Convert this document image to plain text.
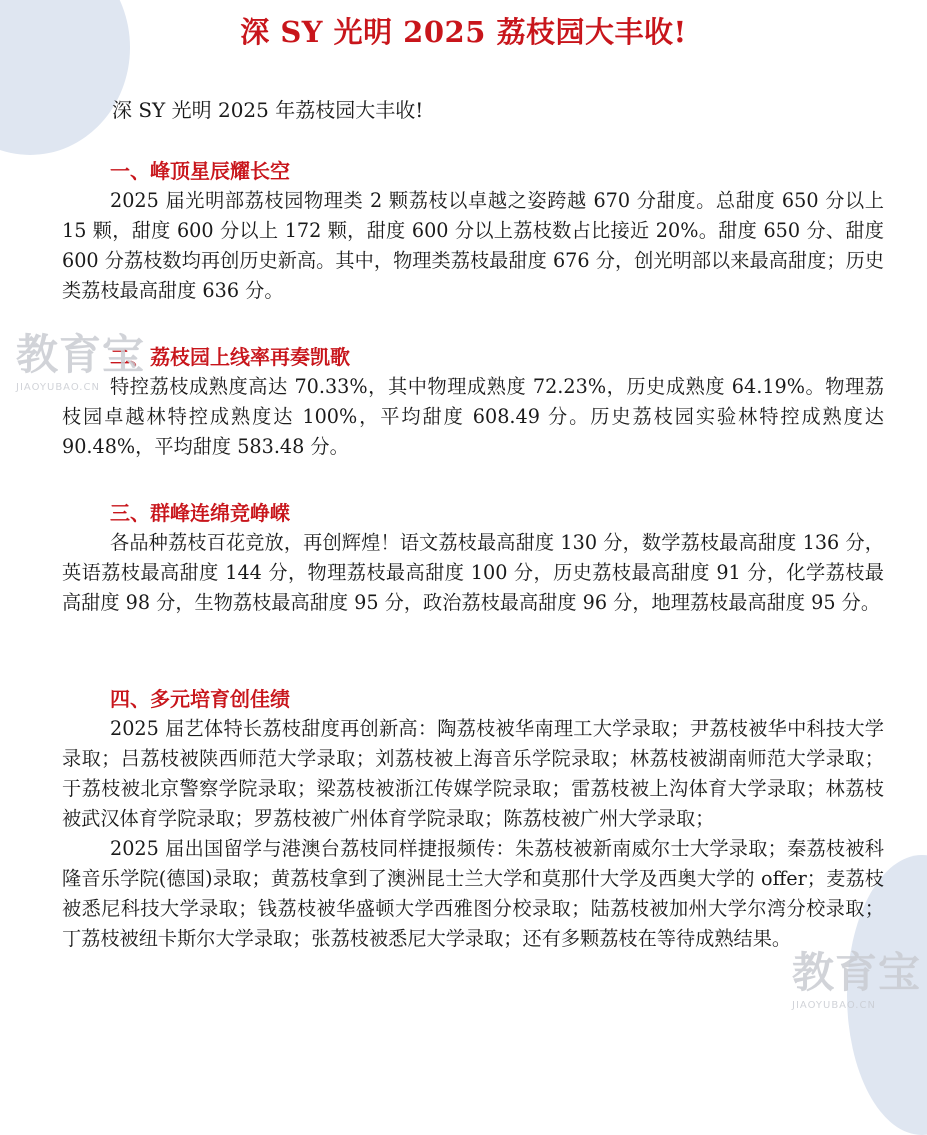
深 SY 光明 2025 荔枝园大丰收!
深 SY 光明 2025 年荔枝园大丰收!
一、峰顶星辰耀长空

2025 届光明部荔枝园物理类 2 颗荔枝以卓越之姿跨越 670 分甜度。总甜度 650 分以上 15 颗，甜度 600 分以上 172 颗，甜度 600 分以上荔枝数占比接近 20%。甜度 650 分、甜度 600 分荔枝数均再创历史新高。其中，物理类荔枝最甜度 676 分，创光明部以来最高甜度；历史类荔枝最高甜度 636 分。

二、荔枝园上线率再奏凯歌

特控荔枝成熟度高达 70.33%，其中物理成熟度 72.23%，历史成熟度 64.19%。物理荔枝园卓越林特控成熟度达 100%，平均甜度 608.49 分。历史荔枝园实验林特控成熟度达 90.48%，平均甜度 583.48 分。

三、群峰连绵竞峥嵘

各品种荔枝百花竞放，再创辉煌！语文荔枝最高甜度 130 分，数学荔枝最高甜度 136 分，英语荔枝最高甜度 144 分，物理荔枝最高甜度 100 分，历史荔枝最高甜度 91 分，化学荔枝最高甜度 98 分，生物荔枝最高甜度 95 分，政治荔枝最高甜度 96 分，地理荔枝最高甜度 95 分。

四、多元培育创佳绩

2025 届艺体特长荔枝甜度再创新高：陶荔枝被华南理工大学录取；尹荔枝被华中科技大学录取；吕荔枝被陕西师范大学录取；刘荔枝被上海音乐学院录取；林荔枝被湖南师范大学录取；于荔枝被北京警察学院录取；梁荔枝被浙江传媒学院录取；雷荔枝被上沟体育大学录取；林荔枝被武汉体育学院录取；罗荔枝被广州体育学院录取；陈荔枝被广州大学录取；

2025 届出国留学与港澳台荔枝同样捷报频传：朱荔枝被新南威尔士大学录取；秦荔枝被科隆音乐学院(德国)录取；黄荔枝拿到了澳洲昆士兰大学和莫那什大学及西奥大学的 offer；麦荔枝被悉尼科技大学录取；钱荔枝被华盛顿大学西雅图分校录取；陆荔枝被加州大学尔湾分校录取；丁荔枝被纽卡斯尔大学录取；张荔枝被悉尼大学录取；还有多颗荔枝在等待成熟结果。

教育宝
JIAOYUBAO.CN
教育宝
JIAOYUBAO.CN
